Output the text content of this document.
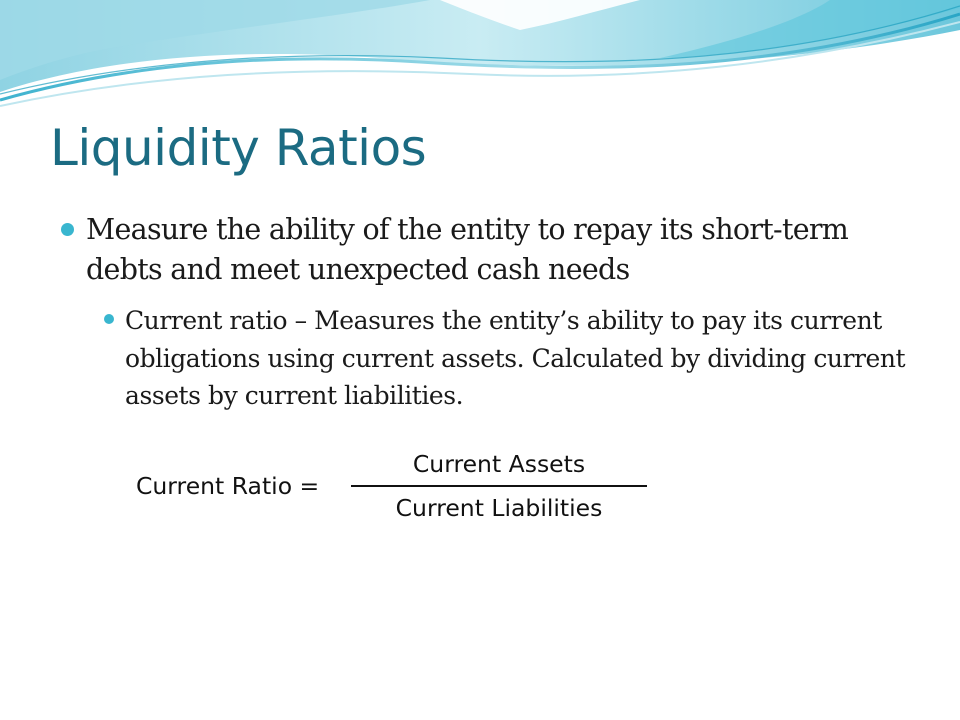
Liquidity Ratios

Measure the ability of the entity to repay its short-term debts and meet unexpected cash needs

Current ratio – Measures the entity’s ability to pay its current obligations using current assets. Calculated by dividing current assets by current liabilities.

Current Ratio =
Current Assets
Current Liabilities
